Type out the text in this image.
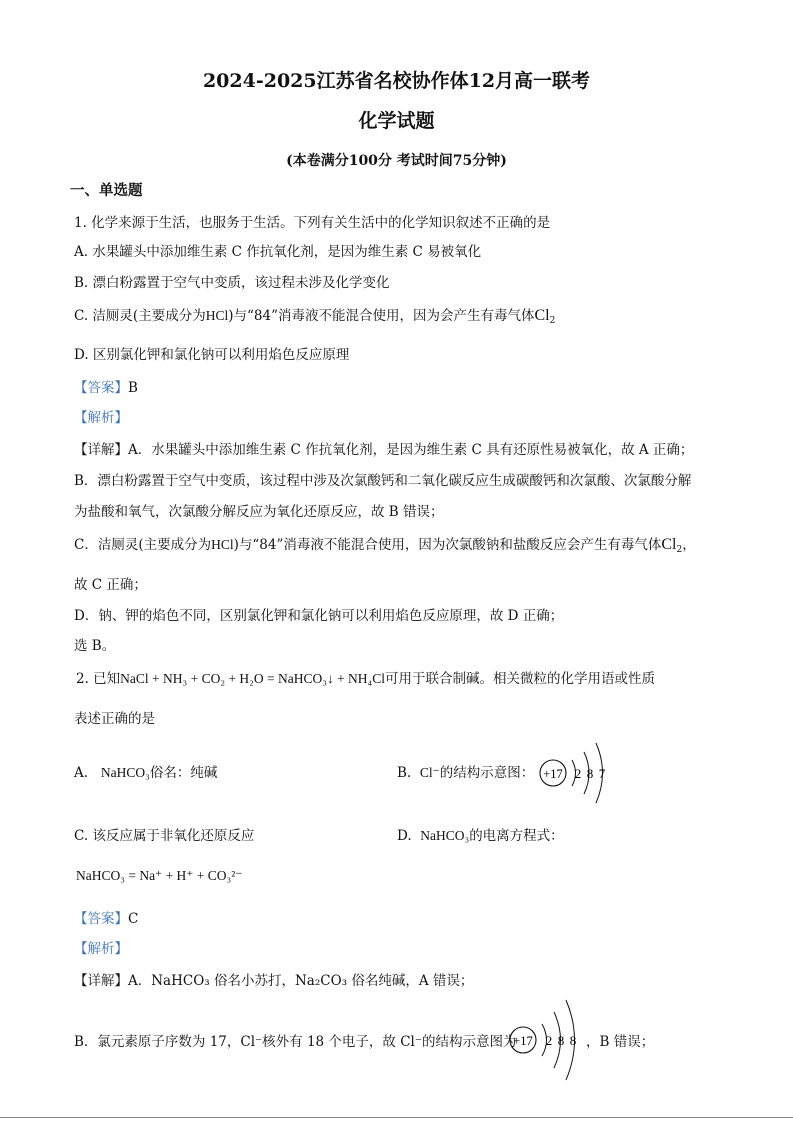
2024-2025江苏省名校协作体12月高一联考
化学试题
(本卷满分100分 考试时间75分钟)
一、单选题
1. 化学来源于生活，也服务于生活。下列有关生活中的化学知识叙述不正确的是
A. 水果罐头中添加维生素 C 作抗氧化剂，是因为维生素 C 易被氧化
B. 漂白粉露置于空气中变质，该过程未涉及化学变化
C. 洁厕灵(主要成分为HCl)与“84”消毒液不能混合使用，因为会产生有毒气体$Cl_2$
D. 区别氯化钾和氯化钠可以利用焰色反应原理
【答案】B
【解析】
【详解】A．水果罐头中添加维生素 C 作抗氧化剂，是因为维生素 C 具有还原性易被氧化，故 A 正确；
B．漂白粉露置于空气中变质，该过程中涉及次氯酸钙和二氧化碳反应生成碳酸钙和次氯酸、次氯酸分解
为盐酸和氧气，次氯酸分解反应为氧化还原反应，故 B 错误；
C．洁厕灵(主要成分为HCl)与“84”消毒液不能混合使用，因为次氯酸钠和盐酸反应会产生有毒气体$Cl_2$，
故 C 正确；
D．钠、钾的焰色不同，区别氯化钾和氯化钠可以利用焰色反应原理，故 D 正确；
选 B。
2. 已知NaCl + NH₃ + CO₂ + H₂O = NaHCO₃↓ + NH₄Cl可用于联合制碱。相关微粒的化学用语或性质
表述正确的是
A. NaHCO₃俗名：纯碱	B. Cl⁻的结构示意图： +17 2 8 7
C. 该反应属于非氧化还原反应	D. NaHCO₃的电离方程式：
NaHCO₃ = Na⁺ + H⁺ + CO₃²⁻
【答案】C
【解析】
【详解】A．NaHCO₃ 俗名小苏打，Na₂CO₃ 俗名纯碱，A 错误；
B．氯元素原子序数为 17，Cl⁻核外有 18 个电子，故 Cl⁻的结构示意图为
+17 2 8 8 ，B 错误；
